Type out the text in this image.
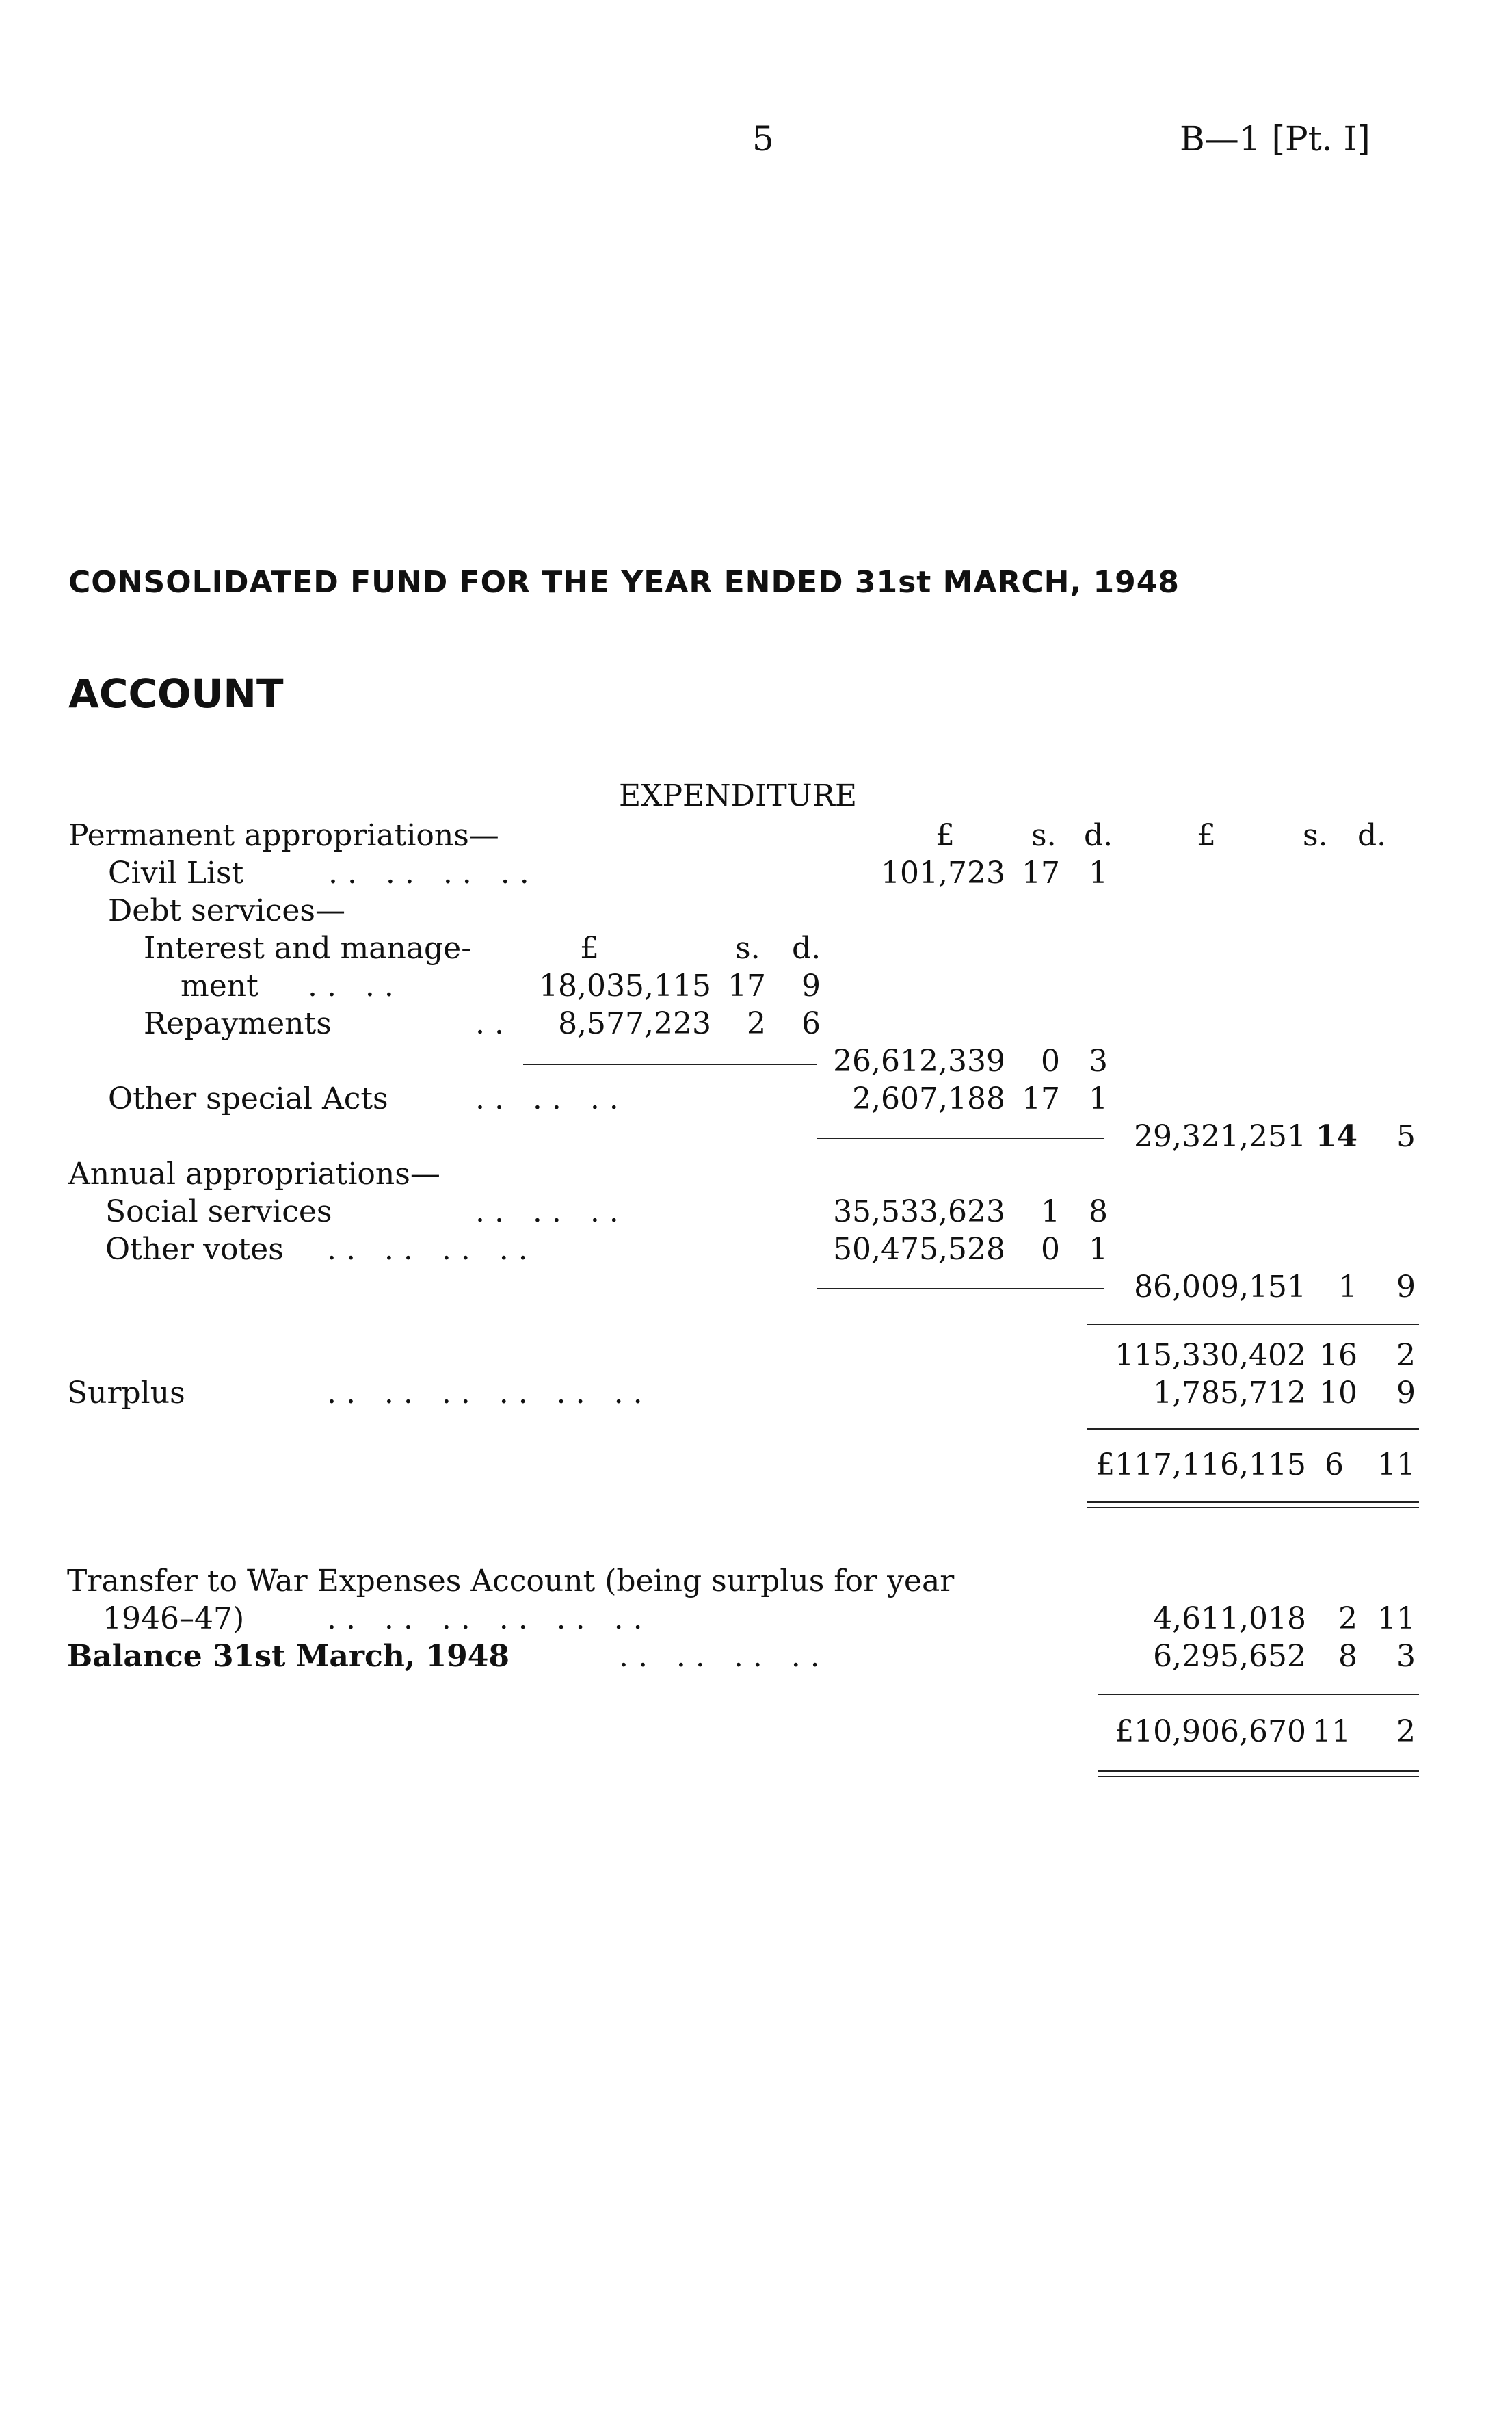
5	B—1 [Pt. I]
CONSOLIDATED FUND FOR THE YEAR ENDED 31st MARCH, 1948
ACCOUNT
EXPENDITURE
£	s. d.	£	s. d.
Permanent appropriations—
Civil List	. .   . .   . .   . .	101,723 17 1
Debt services—
£	s. d.
Interest and manage-
ment . .   . .	18,035,115 17	9
Repayments	. .	8,577,223	2	6
26,612,339	0 3
Other special Acts	. .   . .   . .	2,607,188 17 1
29,321,251 14	5
Annual appropriations—
Social services	. .   . .   . .	35,533,623	1 8
Other votes . .   . .   . .   . .	50,475,528	0 1
86,009,151	1	9
115,330,402 16	2
Surplus	. .   . .   . .   . .   . .   . .	1,785,712 10	9
£117,116,115 6 11
Transfer to War Expenses Account (being surplus for year
1946–47)	. .   . .   . .   . .   . .   . .	4,611,018	2 11
Balance 31st March, 1948	. .   . .   . .   . .	6,295,652	8	3
£10,906,670 11	2
